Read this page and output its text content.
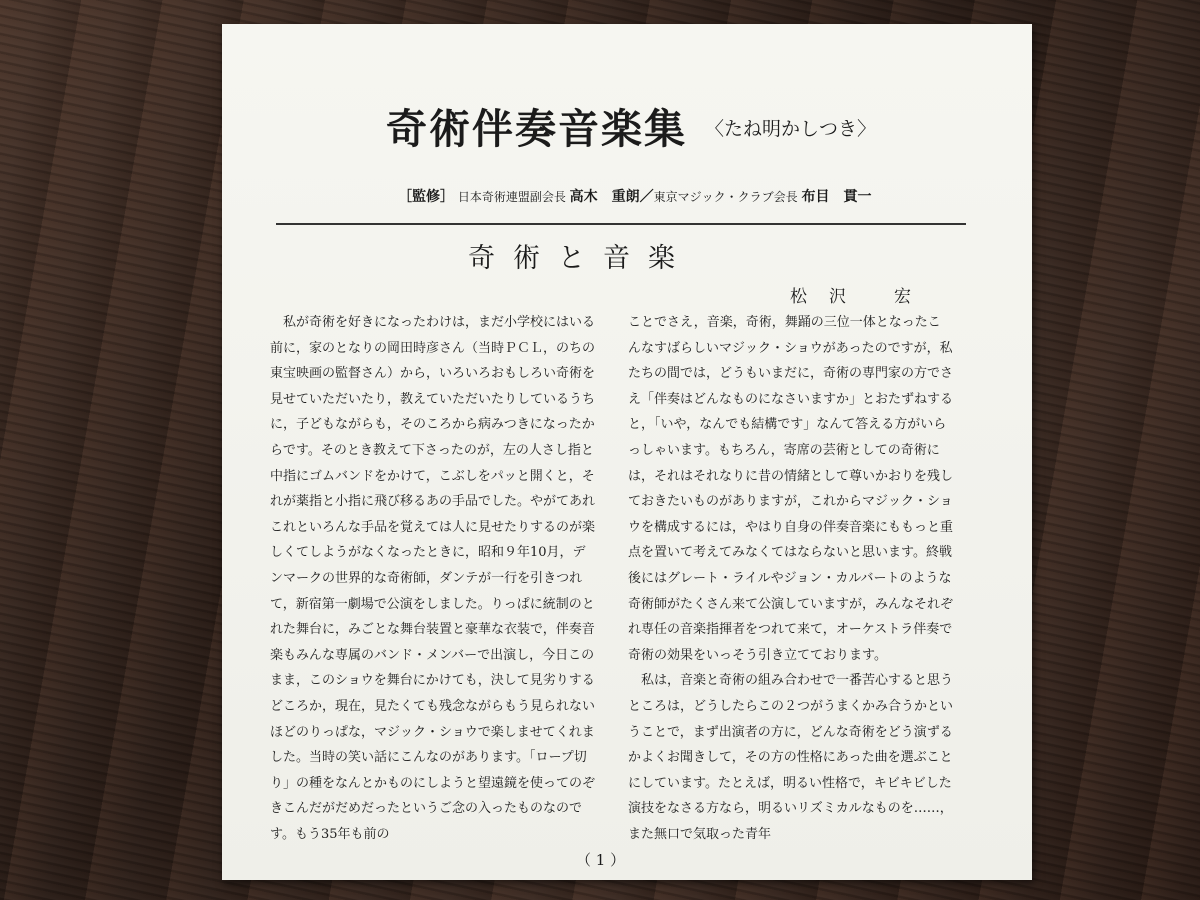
奇術伴奏音楽集 〈たね明かしつき〉
［監修］ 日本奇術連盟副会長 高木　重朗／東京マジック・クラブ会長 布目　貫一
奇術と音楽
松 沢	宏
　私が奇術を好きになったわけは，まだ小学校にはいる前に，家のとなりの岡田時彦さん（当時ＰＣＬ，のちの東宝映画の監督さん）から，いろいろおもしろい奇術を見せていただいたり，教えていただいたりしているうちに，子どもながらも，そのころから病みつきになったからです。そのとき教えて下さったのが，左の人さし指と中指にゴムバンドをかけて，こぶしをパッと開くと，それが薬指と小指に飛び移るあの手品でした。やがてあれこれといろんな手品を覚えては人に見せたりするのが楽しくてしようがなくなったときに，昭和９年10月，デンマークの世界的な奇術師，ダンテが一行を引きつれて，新宿第一劇場で公演をしました。りっぱに統制のとれた舞台に，みごとな舞台装置と豪華な衣装で，伴奏音楽もみんな専属のバンド・メンバーで出演し，今日このまま，このショウを舞台にかけても，決して見劣りするどころか，現在，見たくても残念ながらもう見られないほどのりっぱな，マジック・ショウで楽しませてくれました。当時の笑い話にこんなのがあります。「ロープ切り」の種をなんとかものにしようと望遠鏡を使ってのぞきこんだがだめだったというご念の入ったものなのです。もう35年も前の
ことでさえ，音楽，奇術，舞踊の三位一体となったこんなすばらしいマジック・ショウがあったのですが，私たちの間では，どうもいまだに，奇術の専門家の方でさえ「伴奏はどんなものになさいますか」とおたずねすると，「いや，なんでも結構です」なんて答える方がいらっしゃいます。もちろん，寄席の芸術としての奇術には，それはそれなりに昔の情緒として尊いかおりを残しておきたいものがありますが，これからマジック・ショウを構成するには，やはり自身の伴奏音楽にももっと重点を置いて考えてみなくてはならないと思います。終戦後にはグレート・ライルやジョン・カルバートのような奇術師がたくさん来て公演していますが，みんなそれぞれ専任の音楽指揮者をつれて来て，オーケストラ伴奏で奇術の効果をいっそう引き立てております。
　私は，音楽と奇術の組み合わせで一番苦心すると思うところは，どうしたらこの２つがうまくかみ合うかということで，まず出演者の方に，どんな奇術をどう演ずるかよくお聞きして，その方の性格にあった曲を選ぶことにしています。たとえば，明るい性格で，キビキビした演技をなさる方なら，明るいリズミカルなものを……，また無口で気取った青年
（ 1 ）
